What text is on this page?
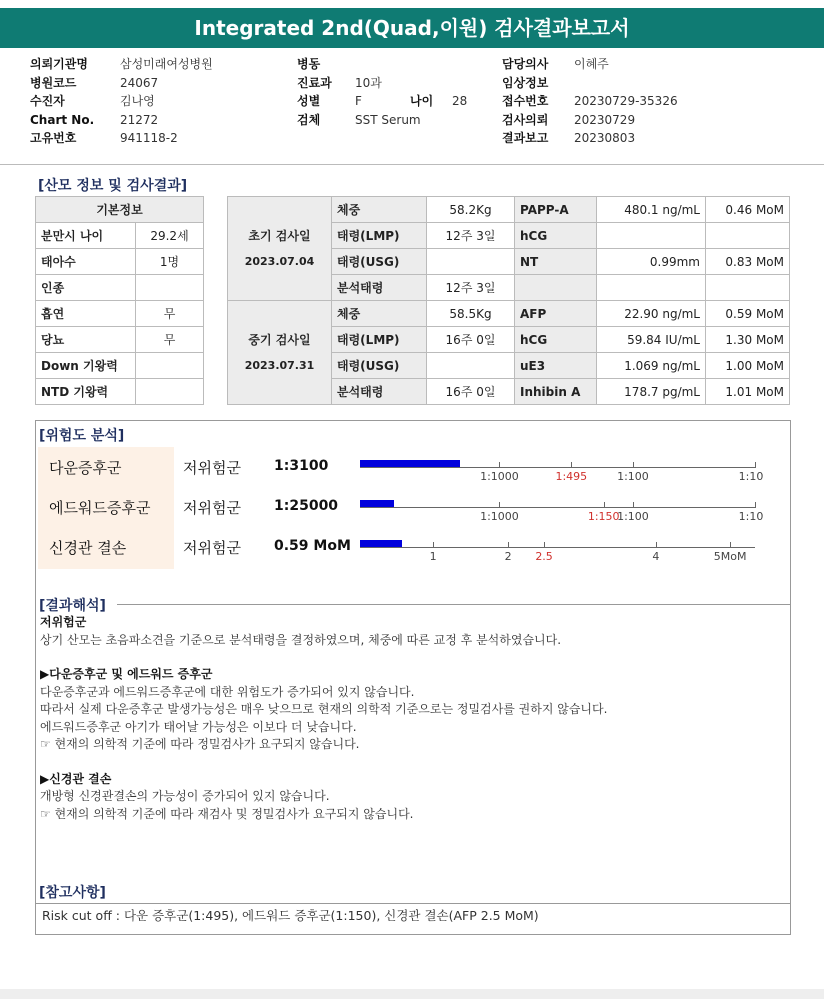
Integrated 2nd(Quad,이원) 검사결과보고서
의뢰기관명	삼성미래여성병원
병원코드	24067
수진자	김나영
Chart No. 21272
고유번호	941118-2
병동
진료과 10과
성별	F	나이 28
검체	SST Serum
담당의사 이혜주
임상정보
접수번호 20230729-35326
검사의뢰 20230729
결과보고 20230803
[산모 정보 및 검사결과]
기본정보	
분만시 나이	29.2세
태아수	1명
인종	
흡연	무
당뇨	무
Down 기왕력	
NTD 기왕력	
초기 검사일
2023.07.04	체중	58.2Kg	PAPP-A	480.1 ng/mL	0.46 MoM
	태령(LMP)	12주 3일	hCG		
	태령(USG)		NT	0.99mm	0.83 MoM
	분석태령	12주 3일			

중기 검사일
2023.07.31	체중	58.5Kg	AFP	22.90 ng/mL	0.59 MoM
	태령(LMP)	16주 0일	hCG	59.84 IU/mL	1.30 MoM
	태령(USG)		uE3	1.069 ng/mL	1.00 MoM
	분석태령	16주 0일	Inhibin A	178.7 pg/mL	1.01 MoM
[위험도 분석]
다운증후군	저위험군 1:3100
1:1000	1:495	1:100	1:10
에드워드증후군 저위험군 1:25000
1:1000	1:150
1:100	1:10
신경관 결손	저위험군 0.59 MoM
1	2 2.5	4	5MoM
[결과해석]
저위험군
상기 산모는 초음파소견을 기준으로 분석태령을 결정하였으며, 체중에 따른 교정 후 분석하였습니다.
▶다운증후군 및 에드워드 증후군
다운증후군과 에드워드증후군에 대한 위험도가 증가되어 있지 않습니다.
따라서 실제 다운증후군 발생가능성은 매우 낮으므로 현재의 의학적 기준으로는 정밀검사를 권하지 않습니다.
에드워드증후군 아기가 태어날 가능성은 이보다 더 낮습니다.
☞ 현재의 의학적 기준에 따라 정밀검사가 요구되지 않습니다.
▶신경관 결손
개방형 신경관결손의 가능성이 증가되어 있지 않습니다.
☞ 현재의 의학적 기준에 따라 재검사 및 정밀검사가 요구되지 않습니다.
[참고사항]
Risk cut off : 다운 증후군(1:495), 에드워드 증후군(1:150), 신경관 결손(AFP 2.5 MoM)
